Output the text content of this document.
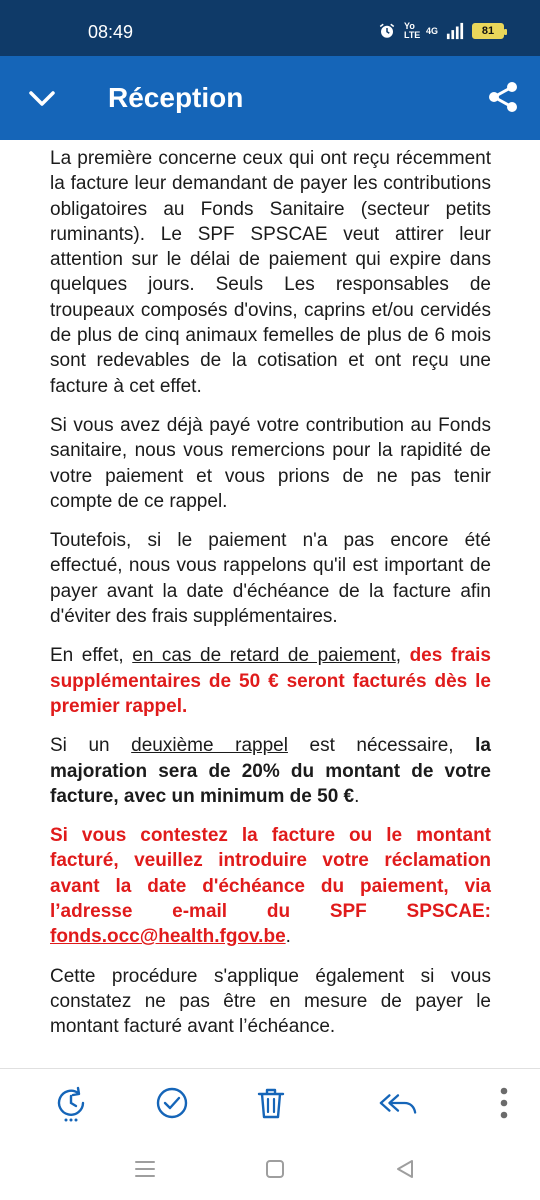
08:49	Yo LTE 4G	81
Réception

La première concerne ceux qui ont reçu récemment la facture leur demandant de payer les contributions obligatoires au Fonds Sanitaire (secteur petits ruminants). Le SPF SPSCAE veut attirer leur attention sur le délai de paiement qui expire dans quelques jours. Seuls Les responsables de troupeaux composés d'ovins, caprins et/ou cervidés de plus de cinq animaux femelles de plus de 6 mois sont redevables de la cotisation et ont reçu une facture à cet effet.

Si vous avez déjà payé votre contribution au Fonds sanitaire, nous vous remercions pour la rapidité de votre paiement et vous prions de ne pas tenir compte de ce rappel.

Toutefois, si le paiement n'a pas encore été effectué, nous vous rappelons qu'il est important de payer avant la date d'échéance de la facture afin d'éviter des frais supplémentaires.

En effet, en cas de retard de paiement, des frais supplémentaires de 50 € seront facturés dès le premier rappel.

Si un deuxième rappel est nécessaire, la majoration sera de 20% du montant de votre facture, avec un minimum de 50 €.

Si vous contestez la facture ou le montant facturé, veuillez introduire votre réclamation avant la date d'échéance du paiement, via l’adresse e-mail du SPF SPSCAE: fonds.occ@health.fgov.be.

Cette procédure s'applique également si vous constatez ne pas être en mesure de payer le montant facturé avant l’échéance.
